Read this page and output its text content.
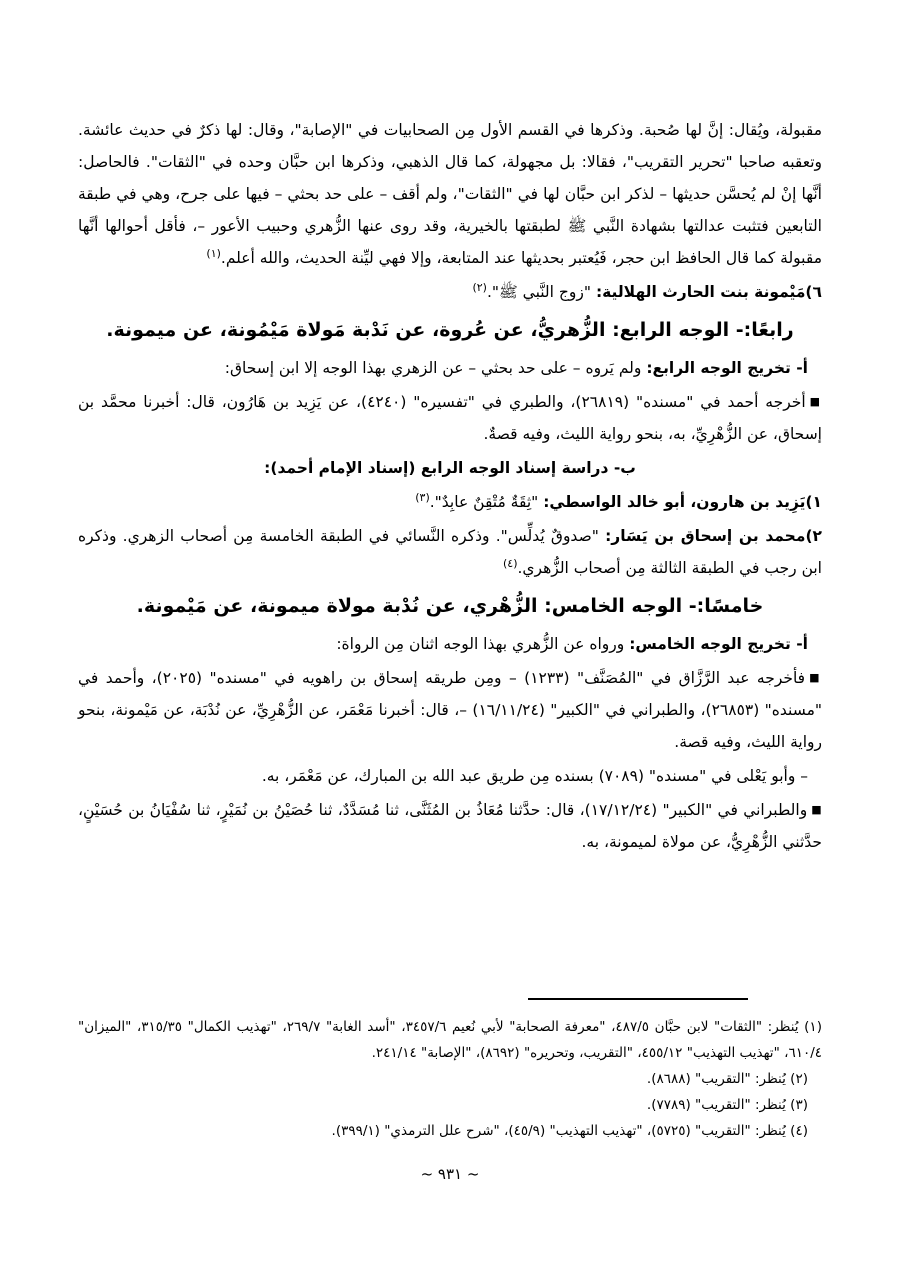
مقبولة، ويُقال: إنَّ لها صُحبة. وذكرها في القسم الأول مِن الصحابيات في "الإصابة"، وقال: لها ذكرٌ في حديث عائشة. وتعقبه صاحبا "تحرير التقريب"، فقالا: بل مجهولة، كما قال الذهبي، وذكرها ابن حبَّان وحده في "الثقات". فالحاصل: أنَّها إنْ لم يُحسَّن حديثها – لذكر ابن حبَّان لها في "الثقات"، ولم أقف – على حد بحثي – فيها على جرح، وهي في طبقة التابعين فتثبت عدالتها بشهادة النَّبي ﷺ لطبقتها بالخيرية، وقد روى عنها الزُّهري وحبيب الأعور –، فأقل أحوالها أنَّها مقبولة كما قال الحافظ ابن حجر، فَيُعتبر بحديثها عند المتابعة، وإلا فهي ليِّنة الحديث، والله أعلم.$^{(١)}$

٦)مَيْمونة بنت الحارث الهلالية: "زوج النَّبي ﷺ".$^{(٢)}$

رابعًا:- الوجه الرابع: الزُّهريُّ، عن عُروة، عن نَدْبة مَولاة مَيْمُونة، عن ميمونة.

أ- تخريج الوجه الرابع: ولم يَروه – على حد بحثي – عن الزهري بهذا الوجه إلا ابن إسحاق:

■أخرجه أحمد في "مسنده" (٢٦٨١٩)، والطبري في "تفسيره" (٤٢٤٠)، عن يَزِيد بن هَارُون، قال: أخبرنا محمَّد بن إسحاق، عن الزُّهْرِيِّ، به، بنحو رواية الليث، وفيه قصةٌ.

ب- دراسة إسناد الوجه الرابع (إسناد الإمام أحمد):

١)يَزِيد بن هارون، أبو خالد الواسطي: "ثِقَةٌ مُتْقِنٌ عابِدٌ".$^{(٣)}$

٢)محمد بن إسحاق بن يَسَار: "صدوقٌ يُدلِّس". وذكره النَّسائي في الطبقة الخامسة مِن أصحاب الزهري. وذكره ابن رجب في الطبقة الثالثة مِن أصحاب الزُّهري.$^{(٤)}$

خامسًا:- الوجه الخامس: الزُّهْري، عن نُدْبة مولاة ميمونة، عن مَيْمونة.

أ- تخريج الوجه الخامس: ورواه عن الزُّهري بهذا الوجه اثنان مِن الرواة:

■فأخرجه عبد الرَّزَّاق في "المُصَنَّف" (١٢٣٣) – ومِن طريقه إسحاق بن راهويه في "مسنده" (٢٠٢٥)، وأحمد في "مسنده" (٢٦٨٥٣)، والطبراني في "الكبير" (١٦/١١/٢٤) –، قال: أخبرنا مَعْمَر، عن الزُّهْرِيِّ، عن نُدْبَة، عن مَيْمونة، بنحو رواية الليث، وفيه قصة.

– وأبو يَعْلى في "مسنده" (٧٠٨٩) بسنده مِن طريق عبد الله بن المبارك، عن مَعْمَر، به.

■والطبراني في "الكبير" (١٧/١٢/٢٤)، قال: حدَّثنا مُعَاذُ بن المُثَنَّى، ثنا مُسَدَّدٌ، ثنا حُصَيْنُ بن نُمَيْرٍ، ثنا سُفْيَانُ بن حُسَيْنٍ، حدَّثني الزُّهْرِيُّ، عن مولاة لميمونة، به.

(١) يُنظر: "الثقات" لابن حبَّان ٤٨٧/٥، "معرفة الصحابة" لأبي نُعيم ٣٤٥٧/٦، "أسد الغابة" ٢٦٩/٧، "تهذيب الكمال" ٣١٥/٣٥، "الميزان" ٦١٠/٤، "تهذيب التهذيب" ٤٥٥/١٢، "التقريب، وتحريره" (٨٦٩٢)، "الإصابة" ٢٤١/١٤.

(٢) يُنظر: "التقريب" (٨٦٨٨).

(٣) يُنظر: "التقريب" (٧٧٨٩).

(٤) يُنظر: "التقريب" (٥٧٢٥)، "تهذيب التهذيب" (٤٥/٩)، "شرح علل الترمذي" (٣٩٩/١).

~ ٩٣١ ~
